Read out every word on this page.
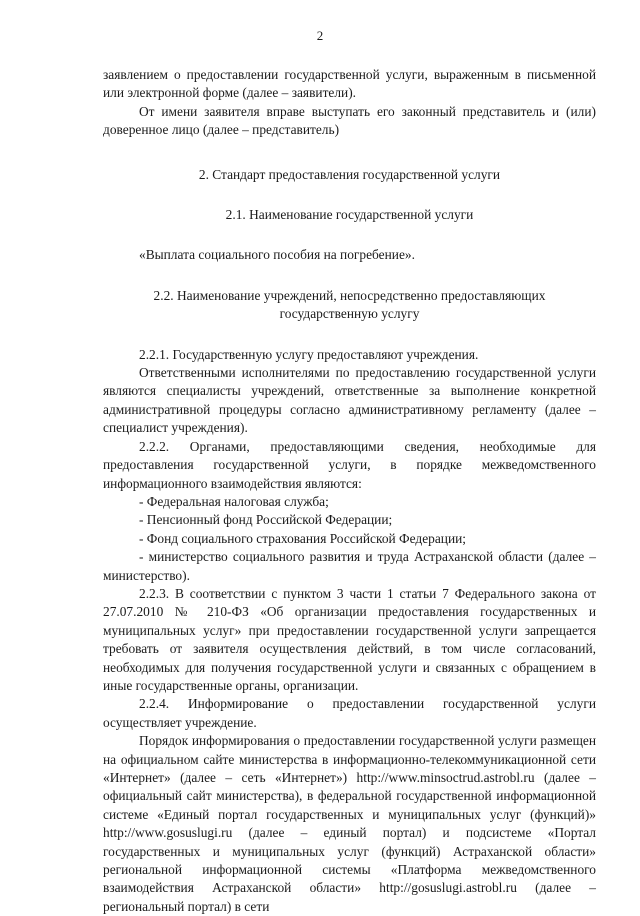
2

заявлением о предоставлении государственной услуги, выраженным в письменной или электронной форме (далее – заявители).

От имени заявителя вправе выступать его законный представитель и (или) доверенное лицо (далее – представитель)

2. Стандарт предоставления государственной услуги

2.1. Наименование государственной услуги

«Выплата социального пособия на погребение».

2.2. Наименование учреждений, непосредственно предоставляющих государственную услугу

2.2.1. Государственную услугу предоставляют учреждения.

Ответственными исполнителями по предоставлению государственной услуги являются специалисты учреждений, ответственные за выполнение конкретной административной процедуры согласно административному регламенту (далее – специалист учреждения).

2.2.2. Органами, предоставляющими сведения, необходимые для предоставления государственной услуги, в порядке межведомственного информационного взаимодействия являются:

- Федеральная налоговая служба;

- Пенсионный фонд Российской Федерации;

- Фонд социального страхования Российской Федерации;

- министерство социального развития и труда Астраханской области (далее – министерство).

2.2.3. В соответствии с пунктом 3 части 1 статьи 7 Федерального закона от 27.07.2010 № 210-ФЗ «Об организации предоставления государственных и муниципальных услуг» при предоставлении государственной услуги запрещается требовать от заявителя осуществления действий, в том числе согласований, необходимых для получения государственной услуги и связанных с обращением в иные государственные органы, организации.

2.2.4. Информирование о предоставлении государственной услуги осуществляет учреждение.

Порядок информирования о предоставлении государственной услуги размещен на официальном сайте министерства в информационно-телекоммуникационной сети «Интернет» (далее – сеть «Интернет») http://www.minsoctrud.astrobl.ru (далее – официальный сайт министерства), в федеральной государственной информационной системе «Единый портал государственных и муниципальных услуг (функций)» http://www.gosuslugi.ru (далее – единый портал) и подсистеме «Портал государственных и муниципальных услуг (функций) Астраханской области» региональной информационной системы «Платформа межведомственного взаимодействия Астраханской области» http://gosuslugi.astrobl.ru (далее – региональный портал) в сети
